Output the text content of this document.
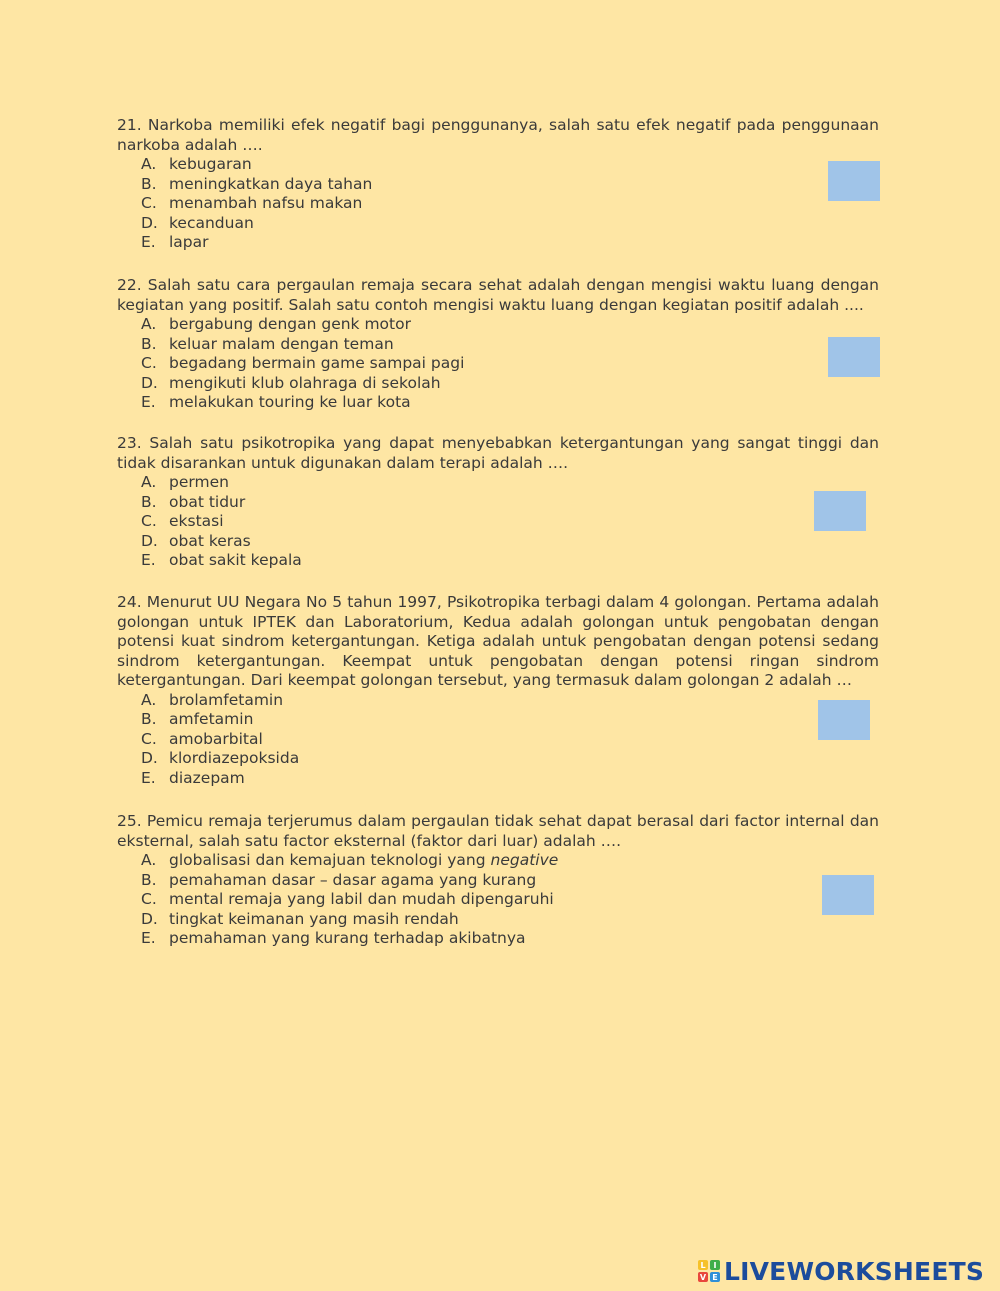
21. Narkoba memiliki efek negatif bagi penggunanya, salah satu efek negatif pada penggunaan narkoba adalah ….

A. kebugaran
B. meningkatkan daya tahan
C. menambah nafsu makan
D. kecanduan
E. lapar

22. Salah satu cara pergaulan remaja secara sehat adalah dengan mengisi waktu luang dengan kegiatan yang positif. Salah satu contoh mengisi waktu luang dengan kegiatan positif adalah ....

A. bergabung dengan genk motor
B. keluar malam dengan teman
C. begadang bermain game sampai pagi
D. mengikuti klub olahraga di sekolah
E. melakukan touring ke luar kota

23. Salah satu psikotropika yang dapat menyebabkan ketergantungan yang sangat tinggi dan tidak disarankan untuk digunakan dalam terapi adalah ….

A. permen
B. obat tidur
C. ekstasi
D. obat keras
E. obat sakit kepala

24. Menurut UU Negara No 5 tahun 1997, Psikotropika terbagi dalam 4 golongan. Pertama adalah golongan untuk IPTEK dan Laboratorium, Kedua adalah golongan untuk pengobatan dengan potensi kuat sindrom ketergantungan. Ketiga adalah untuk pengobatan dengan potensi sedang sindrom ketergantungan. Keempat untuk pengobatan dengan potensi ringan sindrom ketergantungan. Dari keempat golongan tersebut, yang termasuk dalam golongan 2 adalah …

A. brolamfetamin
B. amfetamin
C. amobarbital
D. klordiazepoksida
E. diazepam

25. Pemicu remaja terjerumus dalam pergaulan tidak sehat dapat berasal dari factor internal dan eksternal, salah satu factor eksternal (faktor dari luar) adalah ….

A. globalisasi dan kemajuan teknologi yang negative
B. pemahaman dasar – dasar agama yang kurang
C. mental remaja yang labil dan mudah dipengaruhi
D. tingkat keimanan yang masih rendah
E. pemahaman yang kurang terhadap akibatnya
L I
V E LIVEWORKSHEETS
